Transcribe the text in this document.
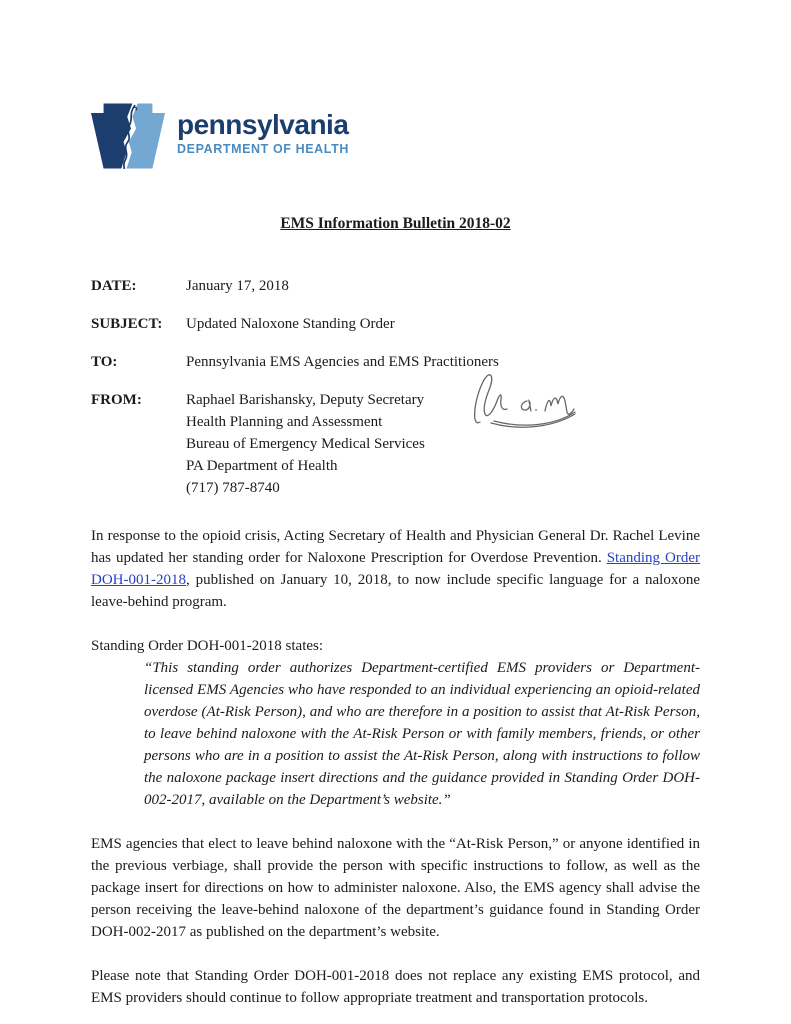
pennsylvania
DEPARTMENT OF HEALTH
EMS Information Bulletin 2018-02
DATE:	January 17, 2018
SUBJECT:	Updated Naloxone Standing Order
TO:	Pennsylvania EMS Agencies and EMS Practitioners
FROM:	Raphael Barishansky, Deputy Secretary
Health Planning and Assessment
Bureau of Emergency Medical Services
PA Department of Health
(717) 787-8740

In response to the opioid crisis, Acting Secretary of Health and Physician General Dr. Rachel Levine has updated her standing order for Naloxone Prescription for Overdose Prevention. Standing Order DOH-001-2018, published on January 10, 2018, to now include specific language for a naloxone leave-behind program.

Standing Order DOH-001-2018 states:

“This standing order authorizes Department-certified EMS providers or Department-licensed EMS Agencies who have responded to an individual experiencing an opioid-related overdose (At-Risk Person), and who are therefore in a position to assist that At-Risk Person, to leave behind naloxone with the At-Risk Person or with family members, friends, or other persons who are in a position to assist the At-Risk Person, along with instructions to follow the naloxone package insert directions and the guidance provided in Standing Order DOH-002-2017, available on the Department’s website.”

EMS agencies that elect to leave behind naloxone with the “At-Risk Person,” or anyone identified in the previous verbiage, shall provide the person with specific instructions to follow, as well as the package insert for directions on how to administer naloxone. Also, the EMS agency shall advise the person receiving the leave-behind naloxone of the department’s guidance found in Standing Order DOH-002-2017 as published on the department’s website.

Please note that Standing Order DOH-001-2018 does not replace any existing EMS protocol, and EMS providers should continue to follow appropriate treatment and transportation protocols.
